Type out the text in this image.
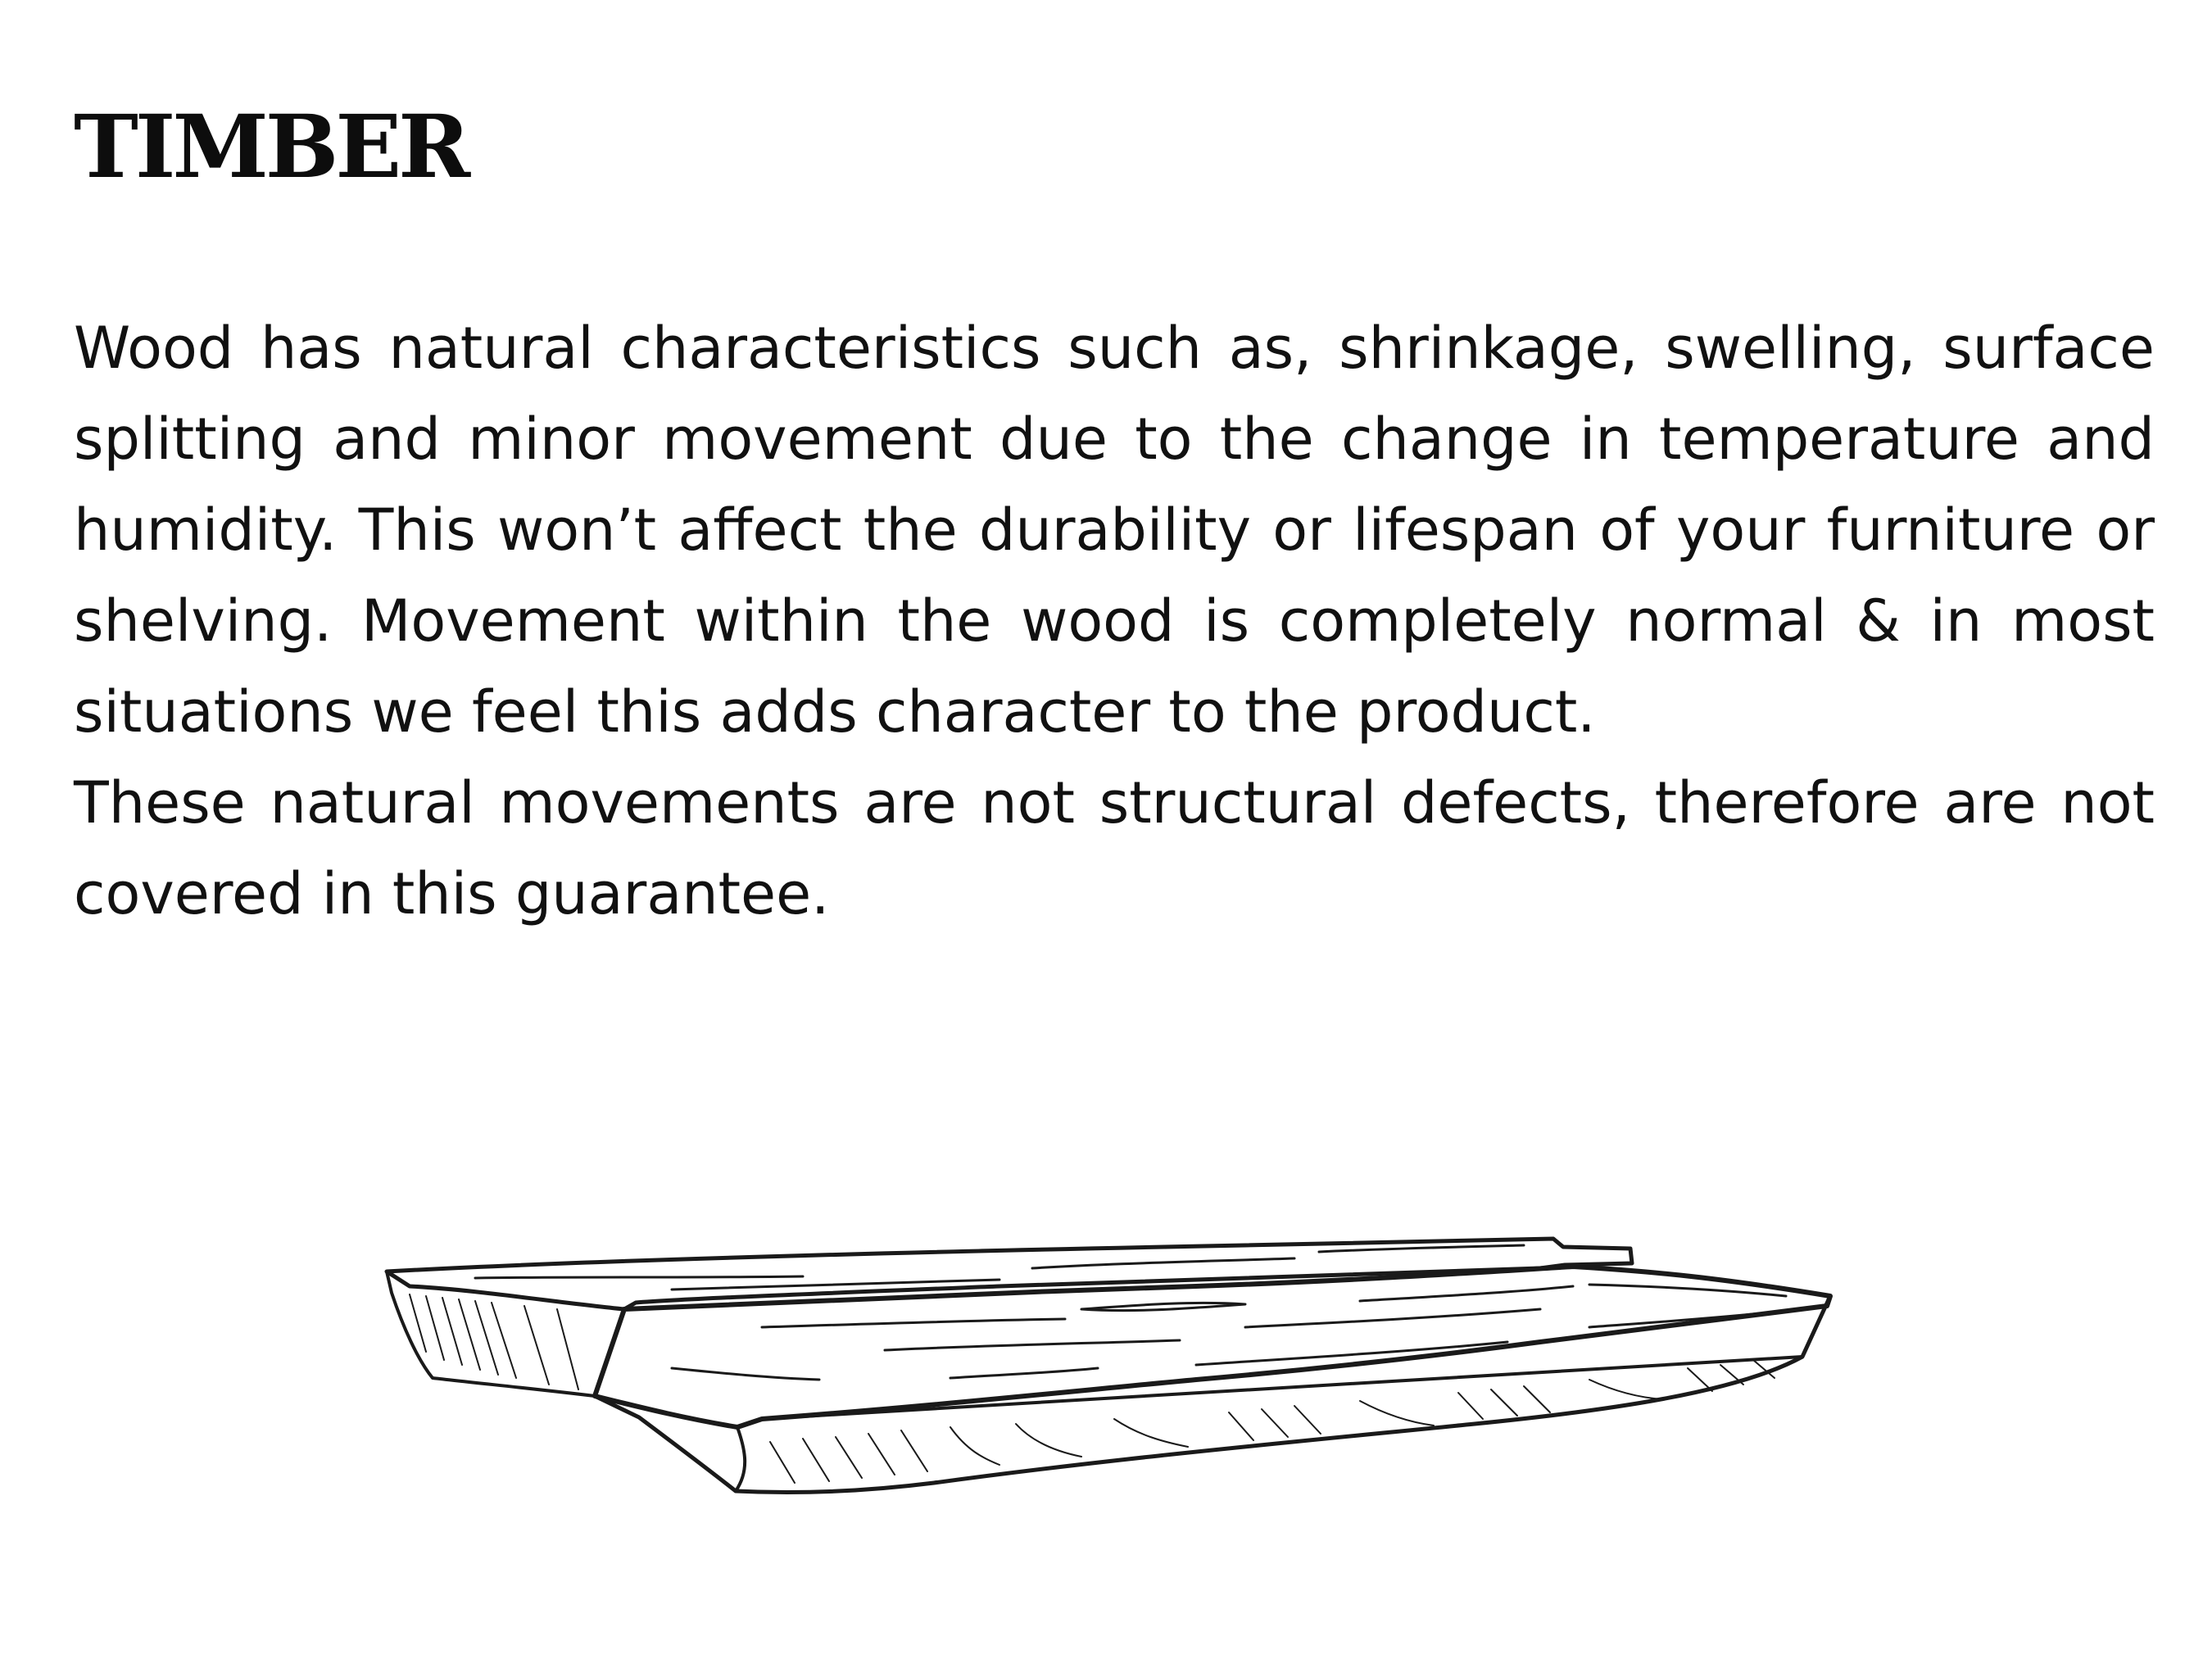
TIMBER

Wood has natural characteristics such as, shrinkage, swelling, surface splitting and minor movement due to the change in temperature and humidity. This won’t affect the durability or lifespan of your furniture or shelving. Movement within the wood is completely normal & in most situations we feel this adds character to the product.

These natural movements are not structural defects, therefore are not covered in this guarantee.
